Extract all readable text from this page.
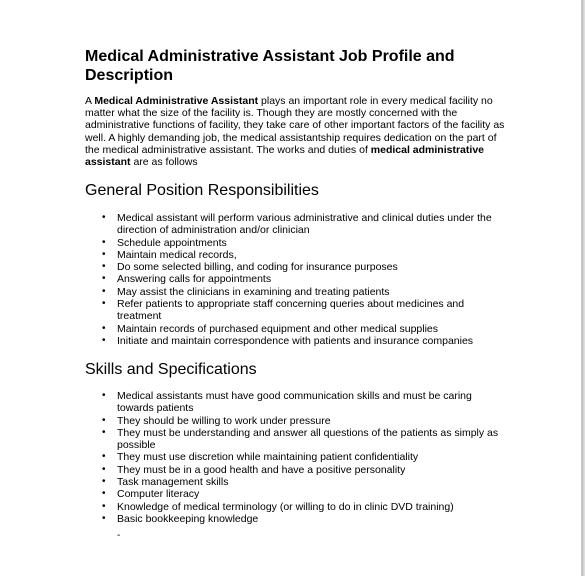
Medical Administrative Assistant Job Profile and Description

A Medical Administrative Assistant plays an important role in every medical facility no matter what the size of the facility is. Though they are mostly concerned with the administrative functions of facility, they take care of other important factors of the facility as well. A highly demanding job, the medical assistantship requires dedication on the part of the medical administrative assistant. The works and duties of medical administrative assistant are as follows

General Position Responsibilities
• Medical assistant will perform various administrative and clinical duties under the direction of administration and/or clinician
• Schedule appointments
• Maintain medical records,
• Do some selected billing, and coding for insurance purposes
• Answering calls for appointments
• May assist the clinicians in examining and treating patients
• Refer patients to appropriate staff concerning queries about medicines and treatment
• Maintain records of purchased equipment and other medical supplies
• Initiate and maintain correspondence with patients and insurance companies
Skills and Specifications
• Medical assistants must have good communication skills and must be caring towards patients
• They should be willing to work under pressure
• They must be understanding and answer all questions of the patients as simply as possible
• They must use discretion while maintaining patient confidentiality
• They must be in a good health and have a positive personality
• Task management skills
• Computer literacy
• Knowledge of medical terminology (or willing to do in clinic DVD training)
• Basic bookkeeping knowledge
-
